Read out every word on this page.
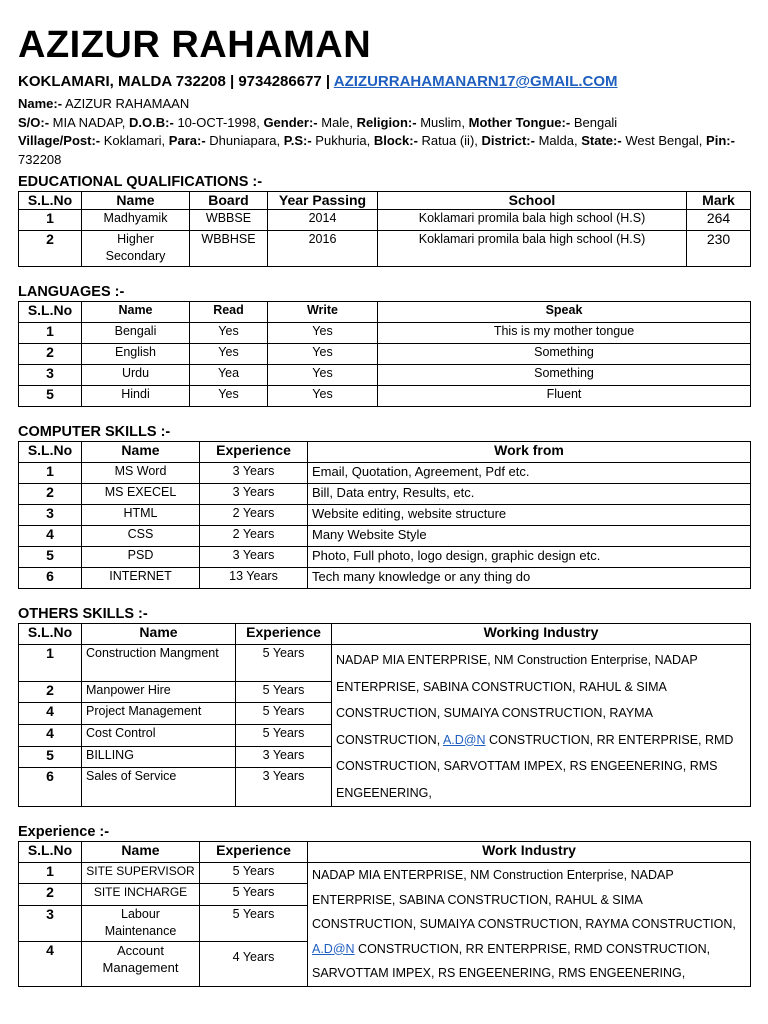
AZIZUR RAHAMAN
KOKLAMARI, MALDA 732208 | 9734286677 | AZIZURRAHAMANARN17@GMAIL.COM
Name:- AZIZUR RAHAMAAN
S/O:- MIA NADAP, D.O.B:- 10-OCT-1998, Gender:- Male, Religion:- Muslim, Mother Tongue:- Bengali
Village/Post:- Koklamari, Para:- Dhuniapara, P.S:- Pukhuria, Block:- Ratua (ii), District:- Malda, State:- West Bengal, Pin:- 732208
EDUCATIONAL QUALIFICATIONS :-
S.L.No	Name	Board	Year Passing	School	Mark
1	Madhyamik	WBBSE	2014	Koklamari promila bala high school (H.S)	264
2	Higher Secondary	WBBHSE	2016	Koklamari promila bala high school (H.S)	230
LANGUAGES :-
S.L.No	Name	Read	Write	Speak
1	Bengali	Yes	Yes	This is my mother tongue
2	English	Yes	Yes	Something
3	Urdu	Yea	Yes	Something
5	Hindi	Yes	Yes	Fluent
COMPUTER SKILLS :-
S.L.No	Name	Experience	Work from
1	MS Word	3 Years	Email, Quotation, Agreement, Pdf etc.
2	MS EXECEL	3 Years	Bill, Data entry, Results, etc.
3	HTML	2 Years	Website editing, website structure
4	CSS	2 Years	Many Website Style
5	PSD	3 Years	Photo, Full photo, logo design, graphic design etc.
6	INTERNET	13 Years	Tech many knowledge or any thing do
OTHERS SKILLS :-
S.L.No	Name	Experience	Working Industry
1	Construction Mangment	5 Years	NADAP MIA ENTERPRISE, NM Construction Enterprise, NADAP ENTERPRISE, SABINA CONSTRUCTION, RAHUL & SIMA CONSTRUCTION, SUMAIYA CONSTRUCTION, RAYMA CONSTRUCTION, A.D@N CONSTRUCTION, RR ENTERPRISE, RMD CONSTRUCTION, SARVOTTAM IMPEX, RS ENGEENERING, RMS ENGEENERING,
2	Manpower Hire	5 Years	
4	Project Management	5 Years	
4	Cost Control	5 Years	
5	BILLING	3 Years	
6	Sales of Service	3 Years	
Experience :-
S.L.No	Name	Experience	Work Industry
1	SITE SUPERVISOR	5 Years	NADAP MIA ENTERPRISE, NM Construction Enterprise, NADAP ENTERPRISE, SABINA CONSTRUCTION, RAHUL & SIMA CONSTRUCTION, SUMAIYA CONSTRUCTION, RAYMA CONSTRUCTION, A.D@N CONSTRUCTION, RR ENTERPRISE, RMD CONSTRUCTION, SARVOTTAM IMPEX, RS ENGEENERING, RMS ENGEENERING,
2	SITE INCHARGE	5 Years	
3	Labour Maintenance	5 Years	
4	Account Management	4 Years	
